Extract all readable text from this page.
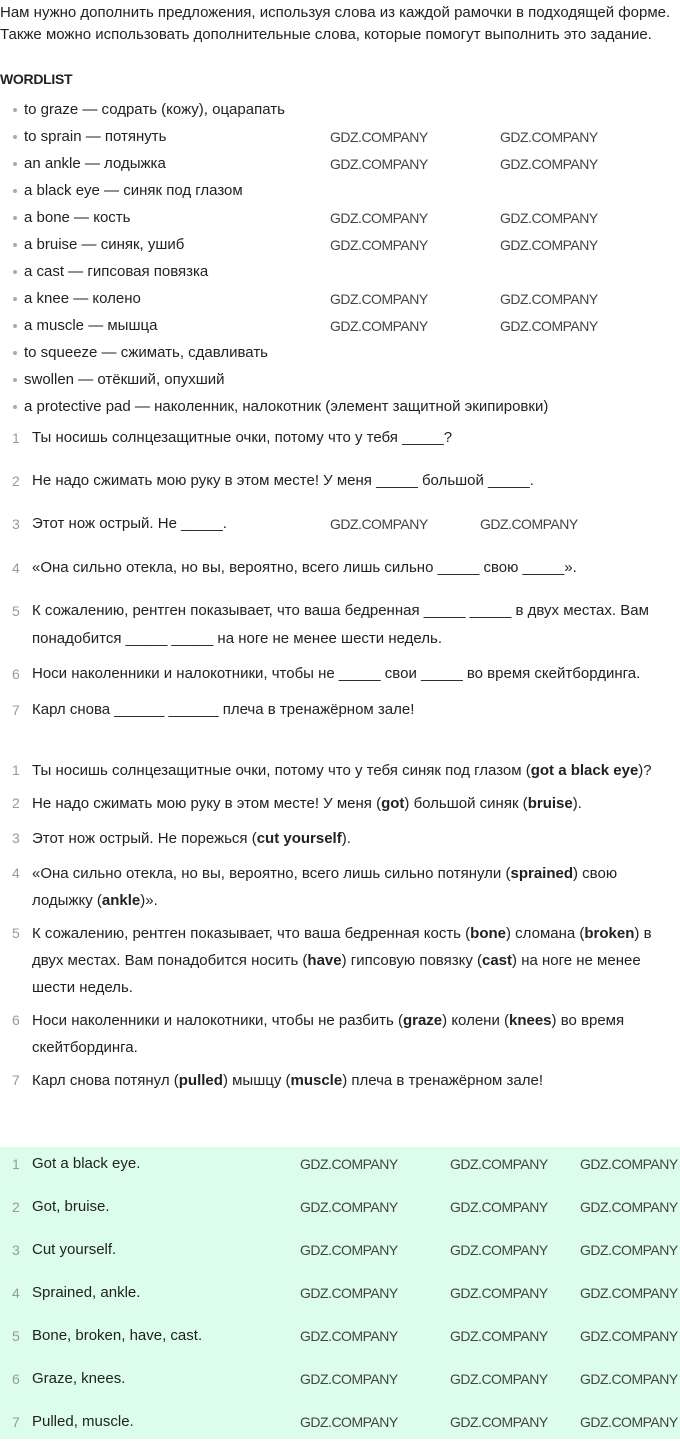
Нам нужно дополнить предложения, используя слова из каждой рамочки в подходящей форме. Также можно использовать дополнительные слова, которые помогут выполнить это задание.
WORDLIST
to graze — содрать (кожу), оцарапать
to sprain — потянуть
an ankle — лодыжка
a black eye — синяк под глазом
a bone — кость
a bruise — синяк, ушиб
a cast — гипсовая повязка
a knee — колено
a muscle — мышца
to squeeze — сжимать, сдавливать
swollen — отёкший, опухший
a protective pad — наколенник, налокотник (элемент защитной экипировки)
1 Ты носишь солнцезащитные очки, потому что у тебя _____?
2 Не надо сжимать мою руку в этом месте! У меня _____ большой _____.
3 Этот нож острый. Не _____.
4 «Она сильно отекла, но вы, вероятно, всего лишь сильно _____ свою _____».
5 К сожалению, рентген показывает, что ваша бедренная _____ _____ в двух местах. Вам понадобится _____ _____ на ноге не менее шести недель.
6 Носи наколенники и налокотники, чтобы не _____ свои _____ во время скейтбординга.
7 Карл снова ______ ______ плеча в тренажёрном зале!
1 Ты носишь солнцезащитные очки, потому что у тебя синяк под глазом (got a black eye)?
2 Не надо сжимать мою руку в этом месте! У меня (got) большой синяк (bruise).
3 Этот нож острый. Не порежься (cut yourself).
4 «Она сильно отекла, но вы, вероятно, всего лишь сильно потянули (sprained) свою лодыжку (ankle)».
5 К сожалению, рентген показывает, что ваша бедренная кость (bone) сломана (broken) в двух местах. Вам понадобится носить (have) гипсовую повязку (cast) на ноге не менее шести недель.
6 Носи наколенники и налокотники, чтобы не разбить (graze) колени (knees) во время скейтбординга.
7 Карл снова потянул (pulled) мышцу (muscle) плеча в тренажёрном зале!
1 Got a black eye.
2 Got, bruise.
3 Cut yourself.
4 Sprained, ankle.
5 Bone, broken, have, cast.
6 Graze, knees.
7 Pulled, muscle.
GDZ.COMPANY	GDZ.COMPANY
GDZ.COMPANY	GDZ.COMPANY
GDZ.COMPANY	GDZ.COMPANY
GDZ.COMPANY	GDZ.COMPANY
GDZ.COMPANY	GDZ.COMPANY
GDZ.COMPANY	GDZ.COMPANY
GDZ.COMPANY	GDZ.COMPANY
GDZ.COMPANY	GDZ.COMPANY GDZ.COMPANY
GDZ.COMPANY	GDZ.COMPANY GDZ.COMPANY
GDZ.COMPANY	GDZ.COMPANY GDZ.COMPANY
GDZ.COMPANY	GDZ.COMPANY GDZ.COMPANY
GDZ.COMPANY	GDZ.COMPANY GDZ.COMPANY
GDZ.COMPANY	GDZ.COMPANY GDZ.COMPANY
GDZ.COMPANY	GDZ.COMPANY GDZ.COMPANY
